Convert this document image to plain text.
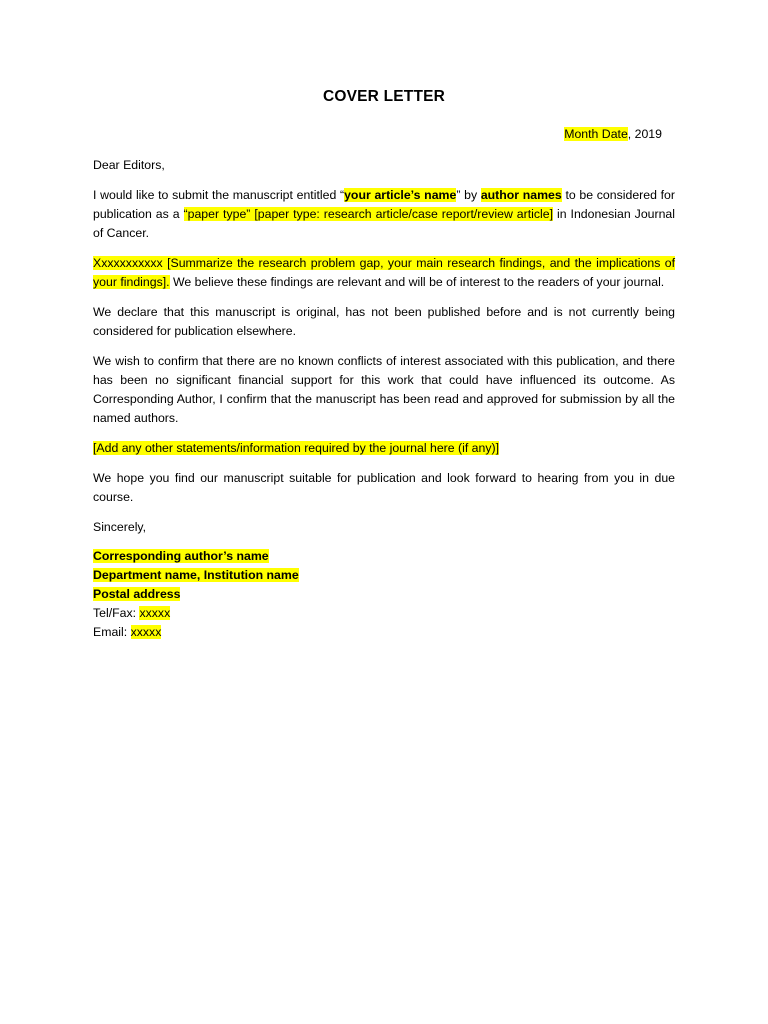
COVER LETTER
Month Date, 2019

Dear Editors,

I would like to submit the manuscript entitled “your article’s name” by author names to be considered for publication as a “paper type” [paper type: research article/case report/review article] in Indonesian Journal of Cancer.

Xxxxxxxxxxx [Summarize the research problem gap, your main research findings, and the implications of your findings]. We believe these findings are relevant and will be of interest to the readers of your journal.

We declare that this manuscript is original, has not been published before and is not currently being considered for publication elsewhere.

We wish to confirm that there are no known conflicts of interest associated with this publication, and there has been no significant financial support for this work that could have influenced its outcome. As Corresponding Author, I confirm that the manuscript has been read and approved for submission by all the named authors.

[Add any other statements/information required by the journal here (if any)]

We hope you find our manuscript suitable for publication and look forward to hearing from you in due course.

Sincerely,

Corresponding author’s name
Department name, Institution name
Postal address
Tel/Fax: xxxxx
Email: xxxxx
